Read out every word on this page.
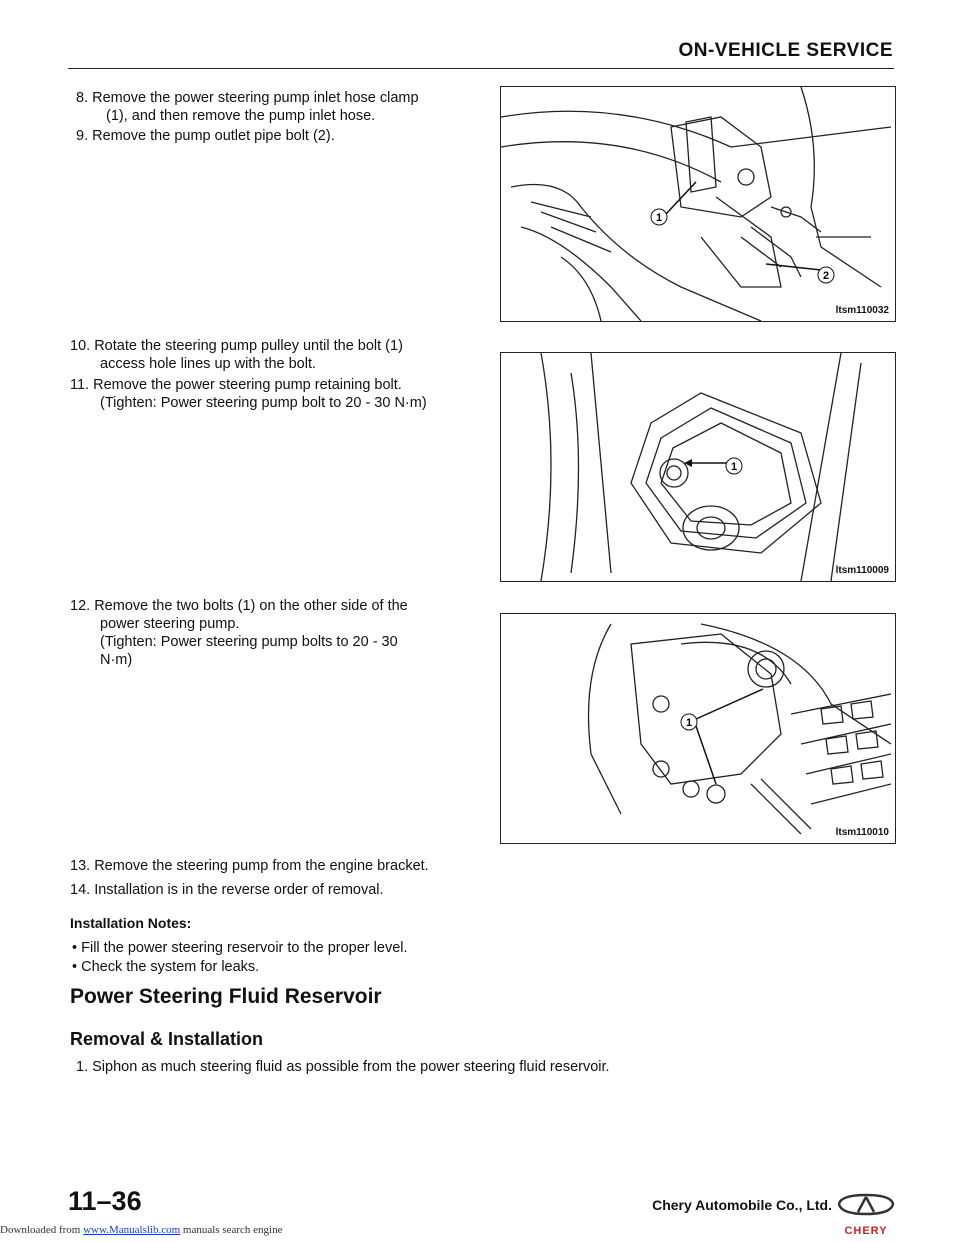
ON-VEHICLE SERVICE
8. Remove the power steering pump inlet hose clamp
(1), and then remove the pump inlet hose.
9. Remove the pump outlet pipe bolt (2).
10. Rotate the steering pump pulley until the bolt (1)
access hole lines up with the bolt.
11. Remove the power steering pump retaining bolt.
(Tighten: Power steering pump bolt to 20 - 30 N·m)
12. Remove the two bolts (1) on the other side of the
power steering pump.
(Tighten: Power steering pump bolts to 20 - 30
N·m)
13. Remove the steering pump from the engine bracket.
14. Installation is in the reverse order of removal.
1
2
ltsm110032
1
ltsm110009
1
ltsm110010
Installation Notes:
• Fill the power steering reservoir to the proper level.
• Check the system for leaks.
Power Steering Fluid Reservoir
Removal & Installation
1. Siphon as much steering fluid as possible from the power steering fluid reservoir.
11–36	Chery Automobile Co., Ltd.
CHERY
Downloaded from www.Manualslib.com manuals search engine
